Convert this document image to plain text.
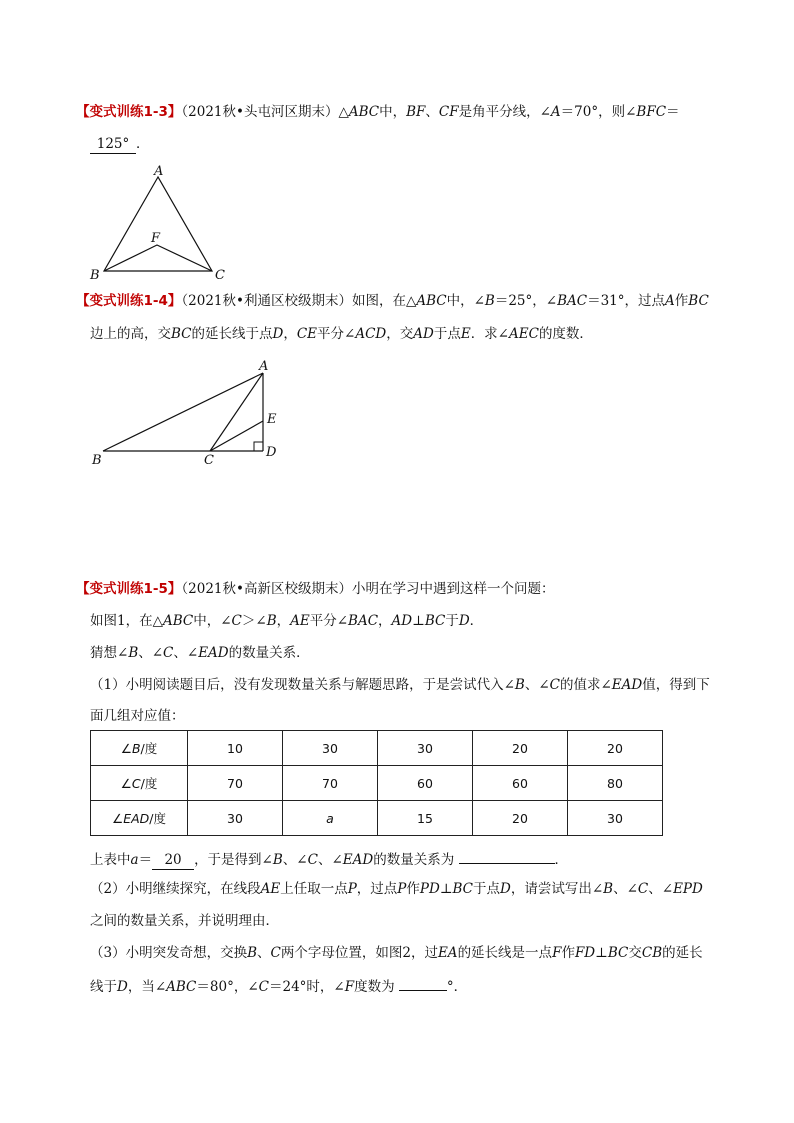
【变式训练1-3】（2021秋•头屯河区期末）△ABC中，BF、CF是角平分线，∠A＝70°，则∠BFC＝
125° ．
A
B	C
F
【变式训练1-4】（2021秋•利通区校级期末）如图，在△ABC中，∠B＝25°，∠BAC＝31°，过点A作BC
边上的高，交BC的延长线于点D，CE平分∠ACD，交AD于点E．求∠AEC的度数．
A
B	C
D
E
【变式训练1-5】（2021秋•高新区校级期末）小明在学习中遇到这样一个问题：
如图1，在△ABC中，∠C＞∠B，AE平分∠BAC，AD⊥BC于D．
猜想∠B、∠C、∠EAD的数量关系．
（1）小明阅读题目后，没有发现数量关系与解题思路，于是尝试代入∠B、∠C的值求∠EAD值，得到下
面几组对应值：
∠B/度	10	30	30	20	20
∠C/度	70	70	60	60	80
∠EAD/度	30	a	15	20	30
上表中a＝ 20 ，于是得到∠B、∠C、∠EAD的数量关系为	．
（2）小明继续探究，在线段AE上任取一点P，过点P作PD⊥BC于点D，请尝试写出∠B、∠C、∠EPD
之间的数量关系，并说明理由．
（3）小明突发奇想，交换B、C两个字母位置，如图2，过EA的延长线是一点F作FD⊥BC交CB的延长
线于D，当∠ABC＝80°，∠C＝24°时，∠F度数为	°．
